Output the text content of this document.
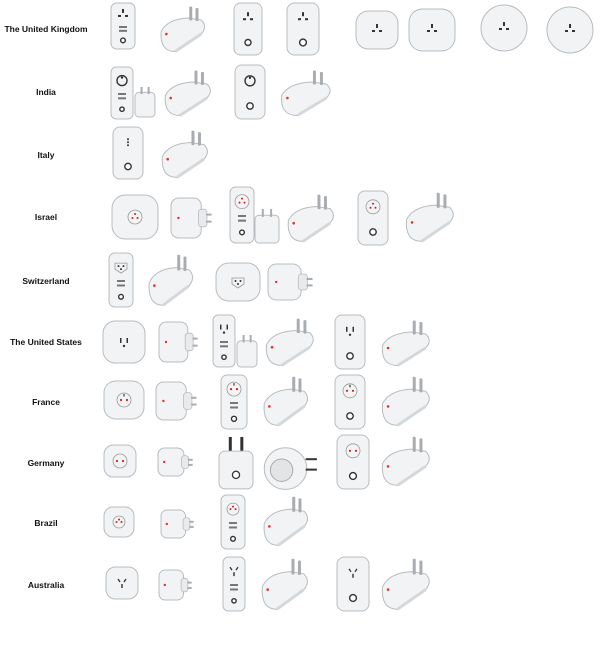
The United Kingdom
India
Italy
Israel
Switzerland
The United States
France
Germany
Brazil
Australia
